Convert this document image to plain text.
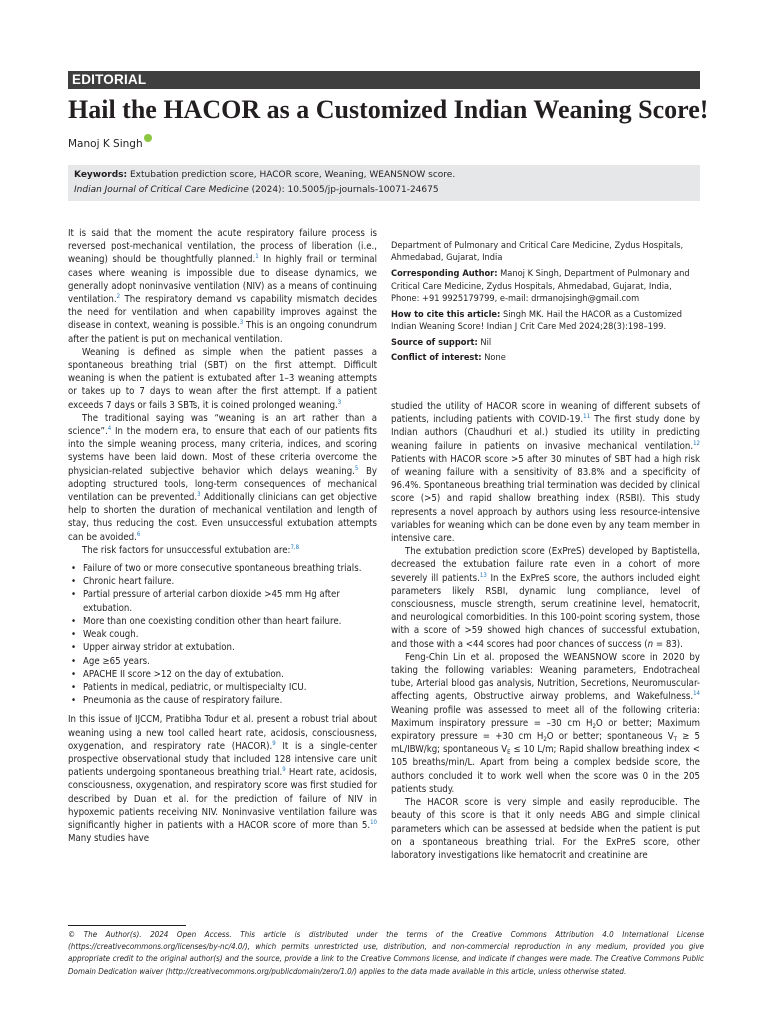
EDITORIAL
Hail the HACOR as a Customized Indian Weaning Score!
Manoj K Singh
Keywords: Extubation prediction score, HACOR score, Weaning, WEANSNOW score.
Indian Journal of Critical Care Medicine (2024): 10.5005/jp-journals-10071-24675

It is said that the moment the acute respiratory failure process is reversed post-mechanical ventilation, the process of liberation (i.e., weaning) should be thoughtfully planned.$^1$ In highly frail or terminal cases where weaning is impossible due to disease dynamics, we generally adopt noninvasive ventilation (NIV) as a means of continuing ventilation.$^2$ The respiratory demand vs capability mismatch decides the need for ventilation and when capability improves against the disease in context, weaning is possible.$^3$ This is an ongoing conundrum after the patient is put on mechanical ventilation.

Weaning is defined as simple when the patient passes a spontaneous breathing trial (SBT) on the first attempt. Difficult weaning is when the patient is extubated after 1–3 weaning attempts or takes up to 7 days to wean after the first attempt. If a patient exceeds 7 days or fails 3 SBTs, it is coined prolonged weaning.$^3$

The traditional saying was “weaning is an art rather than a science”.$^4$ In the modern era, to ensure that each of our patients fits into the simple weaning process, many criteria, indices, and scoring systems have been laid down. Most of these criteria overcome the physician-related subjective behavior which delays weaning.$^5$ By adopting structured tools, long-term consequences of mechanical ventilation can be prevented.$^3$ Additionally clinicians can get objective help to shorten the duration of mechanical ventilation and length of stay, thus reducing the cost. Even unsuccessful extubation attempts can be avoided.$^6$

The risk factors for unsuccessful extubation are:$^{7,8}$

• Failure of two or more consecutive spontaneous breathing trials.
• Chronic heart failure.
• Partial pressure of arterial carbon dioxide >45 mm Hg after extubation.
• More than one coexisting condition other than heart failure.
• Weak cough.
• Upper airway stridor at extubation.
• Age ≥65 years.
• APACHE II score >12 on the day of extubation.
• Patients in medical, pediatric, or multispecialty ICU.
• Pneumonia as the cause of respiratory failure.

In this issue of IJCCM, Pratibha Todur et al. present a robust trial about weaning using a new tool called heart rate, acidosis, consciousness, oxygenation, and respiratory rate (HACOR).$^9$ It is a single-center prospective observational study that included 128 intensive care unit patients undergoing spontaneous breathing trial.$^9$ Heart rate, acidosis, consciousness, oxygenation, and respiratory score was first studied for described by Duan et al. for the prediction of failure of NIV in hypoxemic patients receiving NIV. Noninvasive ventilation failure was significantly higher in patients with a HACOR score of more than 5.10 Many studies have

Department of Pulmonary and Critical Care Medicine, Zydus Hospitals, Ahmedabad, Gujarat, India

Corresponding Author: Manoj K Singh, Department of Pulmonary and Critical Care Medicine, Zydus Hospitals, Ahmedabad, Gujarat, India, Phone: +91 9925179799, e-mail: drmanojsingh@gmail.com

How to cite this article: Singh MK. Hail the HACOR as a Customized Indian Weaning Score! Indian J Crit Care Med 2024;28(3):198–199.

Source of support: Nil

Conflict of interest: None

studied the utility of HACOR score in weaning of different subsets of patients, including patients with COVID-19.11 The first study done by Indian authors (Chaudhuri et al.) studied its utility in predicting weaning failure in patients on invasive mechanical ventilation.$^{12}$ Patients with HACOR score >5 after 30 minutes of SBT had a high risk of weaning failure with a sensitivity of 83.8% and a specificity of 96.4%. Spontaneous breathing trial termination was decided by clinical score (>5) and rapid shallow breathing index (RSBI). This study represents a novel approach by authors using less resource-intensive variables for weaning which can be done even by any team member in intensive care.

The extubation prediction score (ExPreS) developed by Baptistella, decreased the extubation failure rate even in a cohort of more severely ill patients.$^{13}$ In the ExPreS score, the authors included eight parameters likely RSBI, dynamic lung compliance, level of consciousness, muscle strength, serum creatinine level, hematocrit, and neurological comorbidities. In this 100-point scoring system, those with a score of >59 showed high chances of successful extubation, and those with a <44 scores had poor chances of success (n = 83).

Feng-Chin Lin et al. proposed the WEANSNOW score in 2020 by taking the following variables: Weaning parameters, Endotracheal tube, Arterial blood gas analysis, Nutrition, Secretions, Neuromuscular-affecting agents, Obstructive airway problems, and Wakefulness.$^{14}$ Weaning profile was assessed to meet all of the following criteria: Maximum inspiratory pressure = –30 cm $H_2O$ or better; Maximum expiratory pressure = +30 cm $H_2O$ or better; spontaneous $V_T \ge 5$ mL/IBW/kg; spontaneous $V_E \le 10$ L/m; Rapid shallow breathing index < 105 breaths/min/L. Apart from being a complex bedside score, the authors concluded it to work well when the score was 0 in the 205 patients study.

The HACOR score is very simple and easily reproducible. The beauty of this score is that it only needs ABG and simple clinical parameters which can be assessed at bedside when the patient is put on a spontaneous breathing trial. For the ExPreS score, other laboratory investigations like hematocrit and creatinine are

© The Author(s). 2024 Open Access. This article is distributed under the terms of the Creative Commons Attribution 4.0 International License (https://creativecommons.org/licenses/by-nc/4.0/), which permits unrestricted use, distribution, and non-commercial reproduction in any medium, provided you give appropriate credit to the original author(s) and the source, provide a link to the Creative Commons license, and indicate if changes were made. The Creative Commons Public Domain Dedication waiver (http://creativecommons.org/publicdomain/zero/1.0/) applies to the data made available in this article, unless otherwise stated.
